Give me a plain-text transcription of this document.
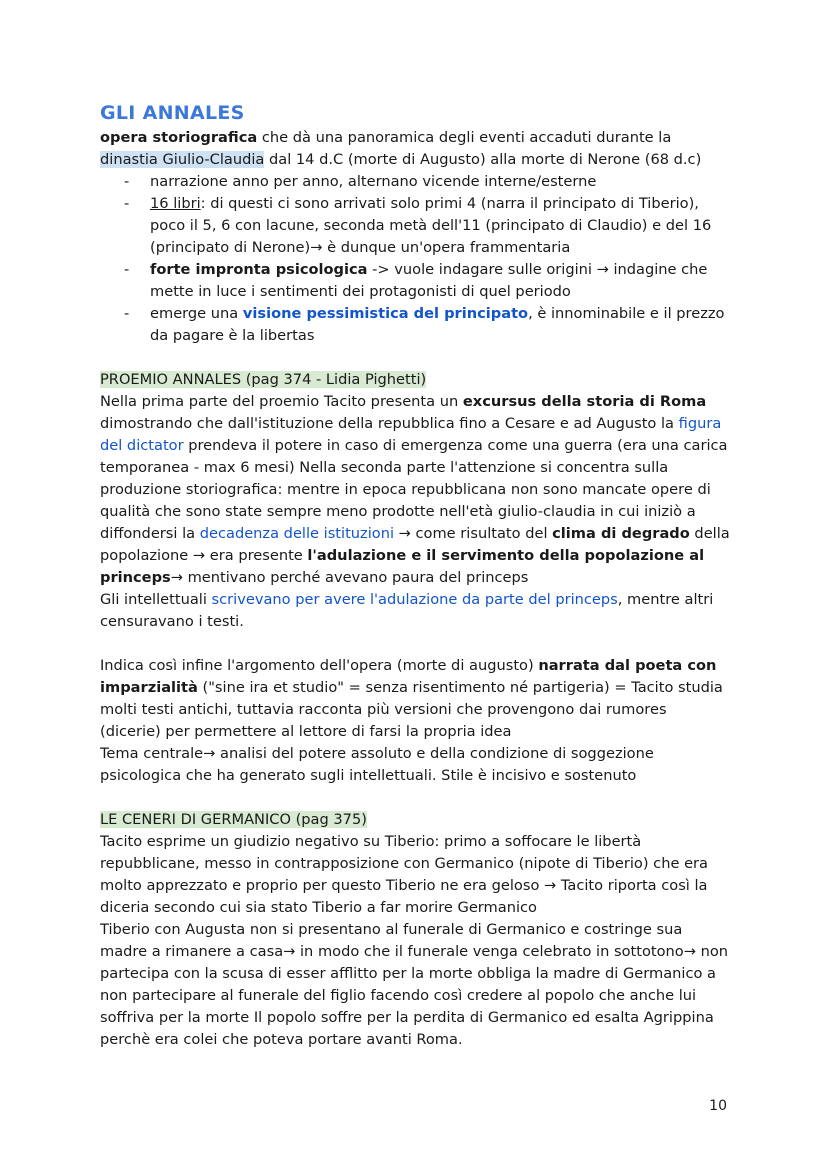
GLI ANNALES

opera storiografica che dà una panoramica degli eventi accaduti durante la dinastia Giulio-Claudia dal 14 d.C (morte di Augusto) alla morte di Nerone (68 d.c)

- narrazione anno per anno, alternano vicende interne/esterne
- 16 libri: di questi ci sono arrivati solo primi 4 (narra il principato di Tiberio), poco il 5, 6 con lacune, seconda metà dell'11 (principato di Claudio) e del 16 (principato di Nerone)→ è dunque un'opera frammentaria
- forte impronta psicologica -> vuole indagare sulle origini → indagine che mette in luce i sentimenti dei protagonisti di quel periodo
- emerge una visione pessimistica del principato, è innominabile e il prezzo da pagare è la libertas

PROEMIO ANNALES (pag 374 - Lidia Pighetti)

Nella prima parte del proemio Tacito presenta un excursus della storia di Roma dimostrando che dall'istituzione della repubblica fino a Cesare e ad Augusto la figura del dictator prendeva il potere in caso di emergenza come una guerra (era una carica temporanea - max 6 mesi) Nella seconda parte l'attenzione si concentra sulla produzione storiografica: mentre in epoca repubblicana non sono mancate opere di qualità che sono state sempre meno prodotte nell'età giulio-claudia in cui iniziò a diffondersi la decadenza delle istituzioni → come risultato del clima di degrado della popolazione → era presente l'adulazione e il servimento della popolazione al princeps→ mentivano perché avevano paura del princeps

Gli intellettuali scrivevano per avere l'adulazione da parte del princeps, mentre altri censuravano i testi.

Indica così infine l'argomento dell'opera (morte di augusto) narrata dal poeta con imparzialità ("sine ira et studio" = senza risentimento né partigeria) = Tacito studia molti testi antichi, tuttavia racconta più versioni che provengono dai rumores (dicerie) per permettere al lettore di farsi la propria idea

Tema centrale→ analisi del potere assoluto e della condizione di soggezione psicologica che ha generato sugli intellettuali. Stile è incisivo e sostenuto

LE CENERI DI GERMANICO (pag 375)

Tacito esprime un giudizio negativo su Tiberio: primo a soffocare le libertà repubblicane, messo in contrapposizione con Germanico (nipote di Tiberio) che era molto apprezzato e proprio per questo Tiberio ne era geloso → Tacito riporta così la diceria secondo cui sia stato Tiberio a far morire Germanico

Tiberio con Augusta non si presentano al funerale di Germanico e costringe sua madre a rimanere a casa→ in modo che il funerale venga celebrato in sottotono→ non partecipa con la scusa di esser afflitto per la morte obbliga la madre di Germanico a non partecipare al funerale del figlio facendo così credere al popolo che anche lui soffriva per la morte Il popolo soffre per la perdita di Germanico ed esalta Agrippina perchè era colei che poteva portare avanti Roma.

10
